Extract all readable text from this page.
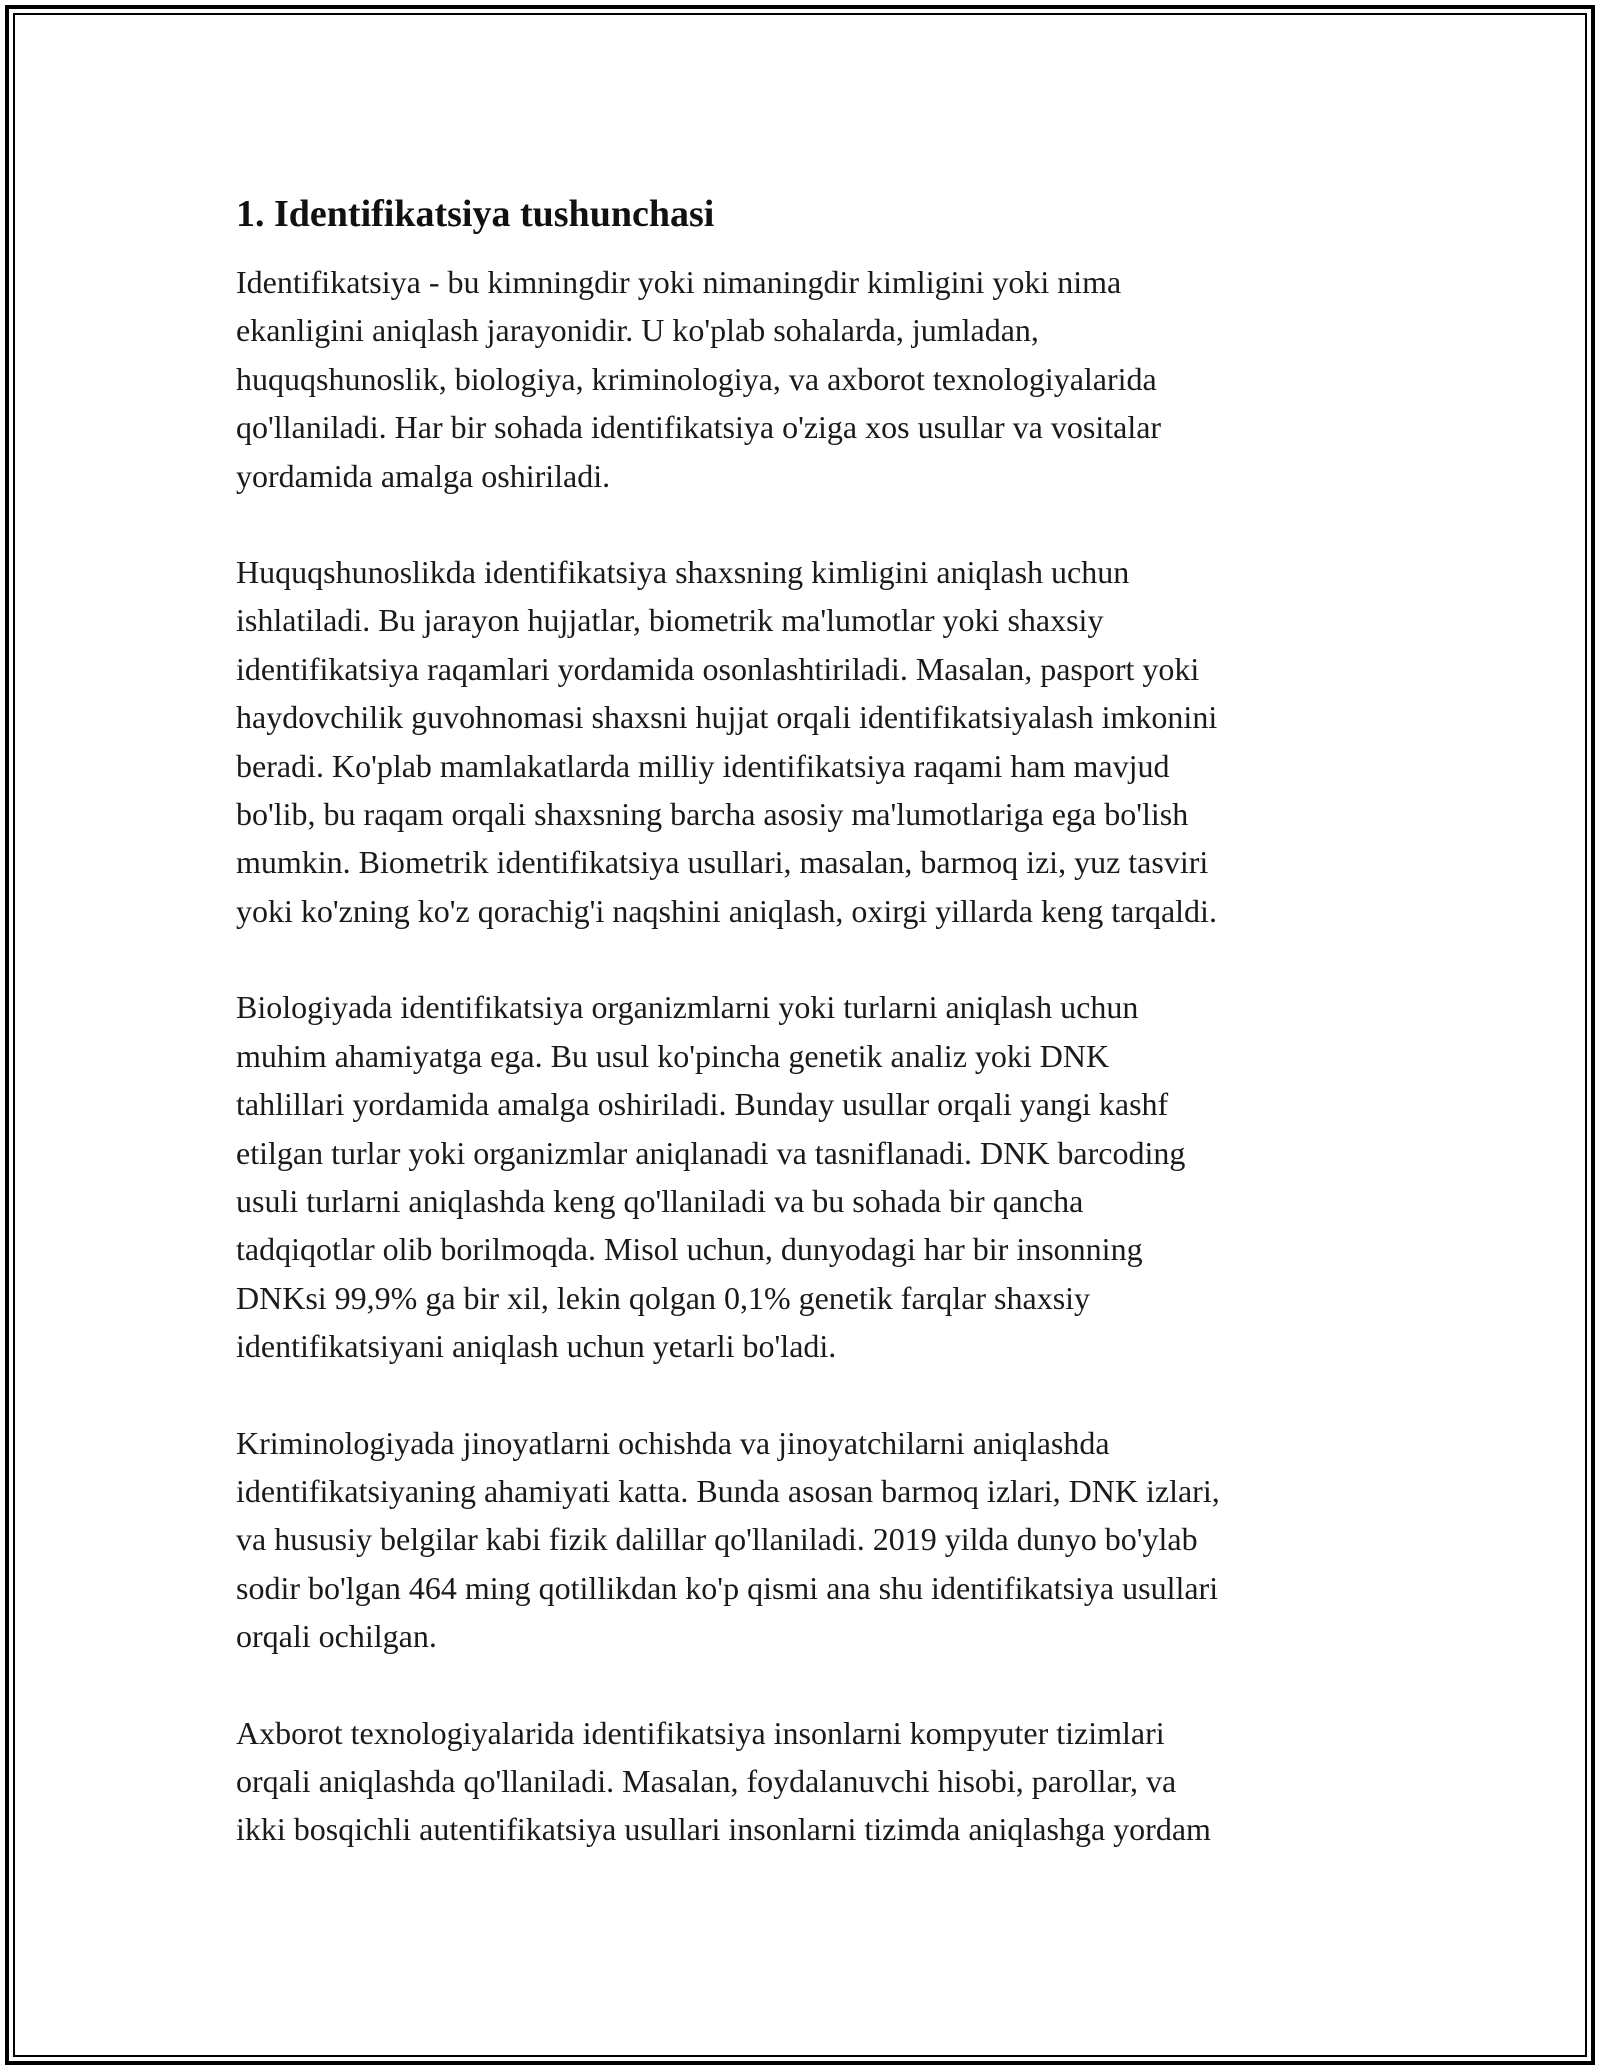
1. Identifikatsiya tushunchasi

Identifikatsiya - bu kimningdir yoki nimaningdir kimligini yoki nima
ekanligini aniqlash jarayonidir. U ko'plab sohalarda, jumladan,
huquqshunoslik, biologiya, kriminologiya, va axborot texnologiyalarida
qo'llaniladi. Har bir sohada identifikatsiya o'ziga xos usullar va vositalar
yordamida amalga oshiriladi.

Huquqshunoslikda identifikatsiya shaxsning kimligini aniqlash uchun
ishlatiladi. Bu jarayon hujjatlar, biometrik ma'lumotlar yoki shaxsiy
identifikatsiya raqamlari yordamida osonlashtiriladi. Masalan, pasport yoki
haydovchilik guvohnomasi shaxsni hujjat orqali identifikatsiyalash imkonini
beradi. Ko'plab mamlakatlarda milliy identifikatsiya raqami ham mavjud
bo'lib, bu raqam orqali shaxsning barcha asosiy ma'lumotlariga ega bo'lish
mumkin. Biometrik identifikatsiya usullari, masalan, barmoq izi, yuz tasviri
yoki ko'zning ko'z qorachig'i naqshini aniqlash, oxirgi yillarda keng tarqaldi.

Biologiyada identifikatsiya organizmlarni yoki turlarni aniqlash uchun
muhim ahamiyatga ega. Bu usul ko'pincha genetik analiz yoki DNK
tahlillari yordamida amalga oshiriladi. Bunday usullar orqali yangi kashf
etilgan turlar yoki organizmlar aniqlanadi va tasniflanadi. DNK barcoding
usuli turlarni aniqlashda keng qo'llaniladi va bu sohada bir qancha
tadqiqotlar olib borilmoqda. Misol uchun, dunyodagi har bir insonning
DNKsi 99,9% ga bir xil, lekin qolgan 0,1% genetik farqlar shaxsiy
identifikatsiyani aniqlash uchun yetarli bo'ladi.

Kriminologiyada jinoyatlarni ochishda va jinoyatchilarni aniqlashda
identifikatsiyaning ahamiyati katta. Bunda asosan barmoq izlari, DNK izlari,
va hususiy belgilar kabi fizik dalillar qo'llaniladi. 2019 yilda dunyo bo'ylab
sodir bo'lgan 464 ming qotillikdan ko'p qismi ana shu identifikatsiya usullari
orqali ochilgan.

Axborot texnologiyalarida identifikatsiya insonlarni kompyuter tizimlari
orqali aniqlashda qo'llaniladi. Masalan, foydalanuvchi hisobi, parollar, va
ikki bosqichli autentifikatsiya usullari insonlarni tizimda aniqlashga yordam
